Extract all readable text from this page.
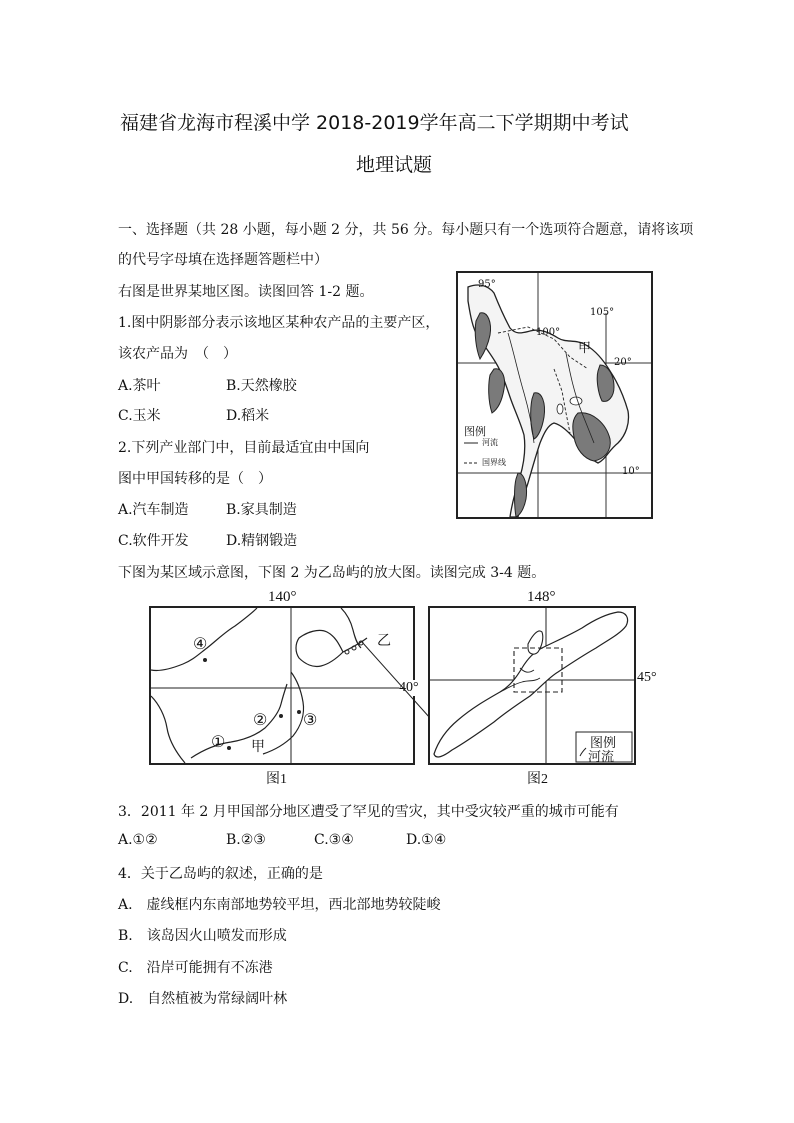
福建省龙海市程溪中学 2018-2019学年高二下学期期中考试
地理试题
一、选择题（共 28 小题，每小题 2 分，共 56 分。每小题只有一个选项符合题意，请将该项
的代号字母填在选择题答题栏中）
右图是世界某地区图。读图回答 1-2 题。
1.图中阴影部分表示该地区某种农产品的主要产区，
该农产品为　（　）
A.茶叶	B.天然橡胶
C.玉米	D.稻米
2.下列产业部门中，目前最适宜由中国向
图中甲国转移的是（　）
A.汽车制造	B.家具制造
C.软件开发	D.精钢锻造
95°
100°
105°
20°
10°
甲
图例
河流
国界线
下图为某区域示意图，下图 2 为乙岛屿的放大图。读图完成 3-4 题。
140°
④
② ③
① 甲
乙
40°
图1
148°
图例
河流
45°
图2
3．2011 年 2 月甲国部分地区遭受了罕见的雪灾，其中受灾较严重的城市可能有
A.①②	B.②③	C.③④	D.①④
4．关于乙岛屿的叙述，正确的是
A.　虚线框内东南部地势较平坦，西北部地势较陡峻
B.　该岛因火山喷发而形成
C.　沿岸可能拥有不冻港
D.　自然植被为常绿阔叶林
